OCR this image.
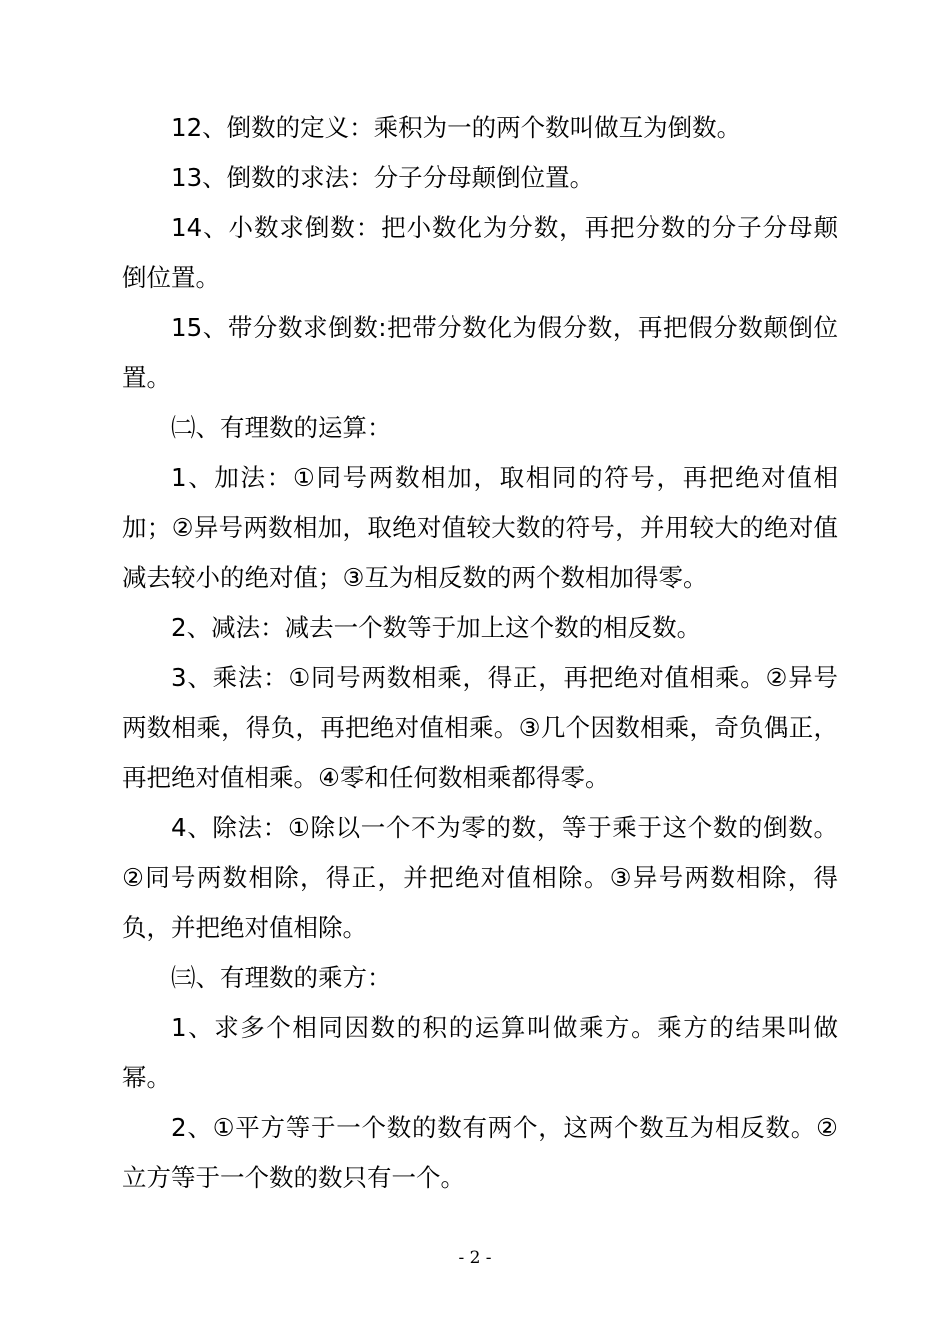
12、倒数的定义：乘积为一的两个数叫做互为倒数。

13、倒数的求法：分子分母颠倒位置。

14、小数求倒数：把小数化为分数，再把分数的分子分母颠倒位置。

15、带分数求倒数:把带分数化为假分数，再把假分数颠倒位置。

㈡、有理数的运算：

1、加法：①同号两数相加，取相同的符号，再把绝对值相加；②异号两数相加，取绝对值较大数的符号，并用较大的绝对值减去较小的绝对值；③互为相反数的两个数相加得零。

2、减法：减去一个数等于加上这个数的相反数。

3、乘法：①同号两数相乘，得正，再把绝对值相乘。②异号两数相乘，得负，再把绝对值相乘。③几个因数相乘，奇负偶正，再把绝对值相乘。④零和任何数相乘都得零。

4、除法：①除以一个不为零的数，等于乘于这个数的倒数。②同号两数相除，得正，并把绝对值相除。③异号两数相除，得负，并把绝对值相除。

㈢、有理数的乘方：

1、求多个相同因数的积的运算叫做乘方。乘方的结果叫做幂。

2、①平方等于一个数的数有两个，这两个数互为相反数。②立方等于一个数的数只有一个。

- 2 -
